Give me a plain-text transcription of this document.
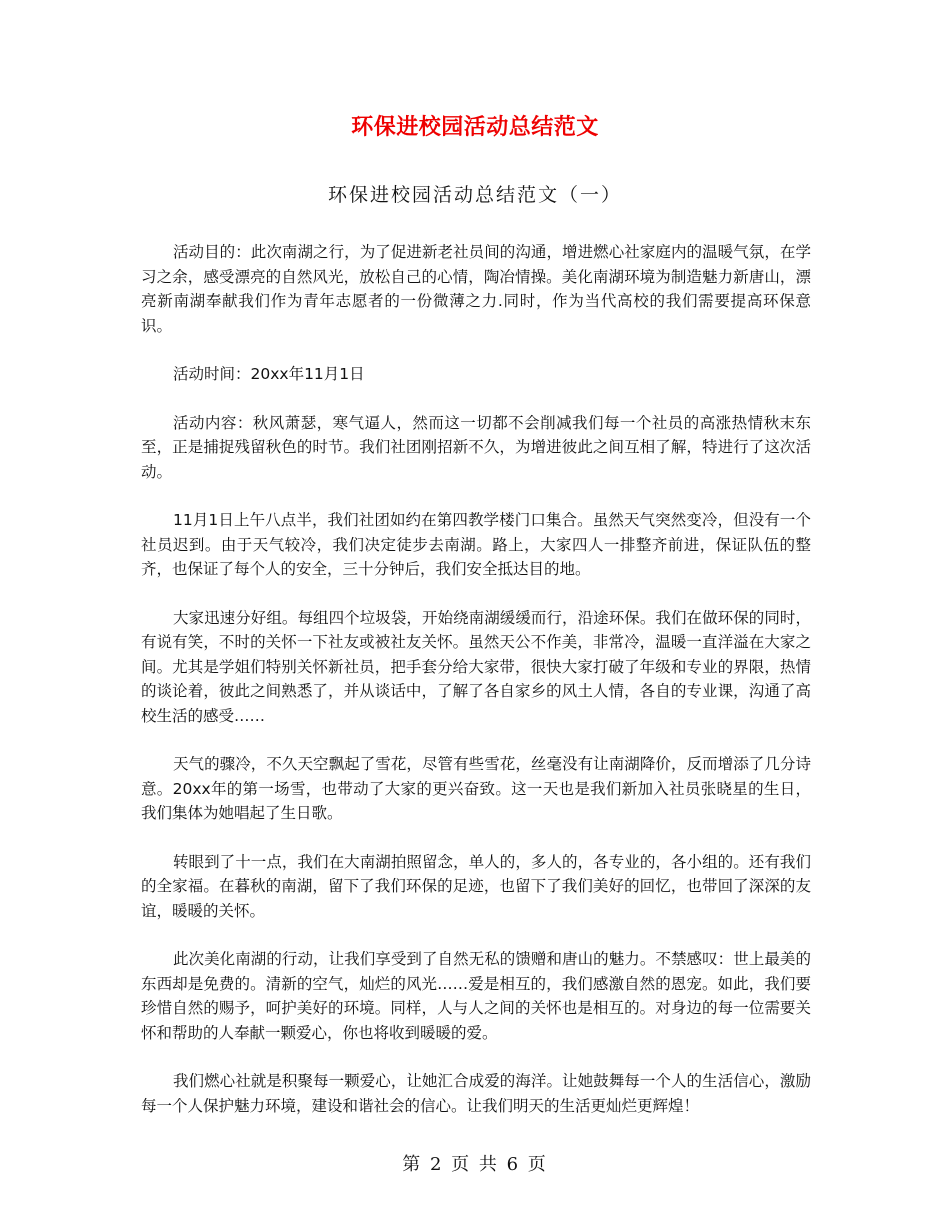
环保进校园活动总结范文
环保进校园活动总结范文（一）

活动目的：此次南湖之行，为了促进新老社员间的沟通，增进燃心社家庭内的温暖气氛，在学习之余，感受漂亮的自然风光，放松自己的心情，陶冶情操。美化南湖环境为制造魅力新唐山，漂亮新南湖奉献我们作为青年志愿者的一份微薄之力.同时，作为当代高校的我们需要提高环保意识。

活动时间：20xx年11月1日

活动内容：秋风萧瑟，寒气逼人，然而这一切都不会削减我们每一个社员的高涨热情秋末东至，正是捕捉残留秋色的时节。我们社团刚招新不久，为增进彼此之间互相了解，特进行了这次活动。

11月1日上午八点半，我们社团如约在第四教学楼门口集合。虽然天气突然变冷，但没有一个社员迟到。由于天气较冷，我们决定徒步去南湖。路上，大家四人一排整齐前进，保证队伍的整齐，也保证了每个人的安全，三十分钟后，我们安全抵达目的地。

大家迅速分好组。每组四个垃圾袋，开始绕南湖缓缓而行，沿途环保。我们在做环保的同时，有说有笑，不时的关怀一下社友或被社友关怀。虽然天公不作美，非常冷，温暖一直洋溢在大家之间。尤其是学姐们特别关怀新社员，把手套分给大家带，很快大家打破了年级和专业的界限，热情的谈论着，彼此之间熟悉了，并从谈话中，了解了各自家乡的风土人情，各自的专业课，沟通了高校生活的感受……

天气的骤冷，不久天空飘起了雪花，尽管有些雪花，丝毫没有让南湖降价，反而增添了几分诗意。20xx年的第一场雪，也带动了大家的更兴奋致。这一天也是我们新加入社员张晓星的生日，我们集体为她唱起了生日歌。

转眼到了十一点，我们在大南湖拍照留念，单人的，多人的，各专业的，各小组的。还有我们的全家福。在暮秋的南湖，留下了我们环保的足迹，也留下了我们美好的回忆，也带回了深深的友谊，暖暖的关怀。

此次美化南湖的行动，让我们享受到了自然无私的馈赠和唐山的魅力。不禁感叹：世上最美的东西却是免费的。清新的空气，灿烂的风光……爱是相互的，我们感激自然的恩宠。如此，我们要珍惜自然的赐予，呵护美好的环境。同样，人与人之间的关怀也是相互的。对身边的每一位需要关怀和帮助的人奉献一颗爱心，你也将收到暖暖的爱。

我们燃心社就是积聚每一颗爱心，让她汇合成爱的海洋。让她鼓舞每一个人的生活信心，激励每一个人保护魅力环境，建设和谐社会的信心。让我们明天的生活更灿烂更辉煌！

第 2 页 共 6 页
